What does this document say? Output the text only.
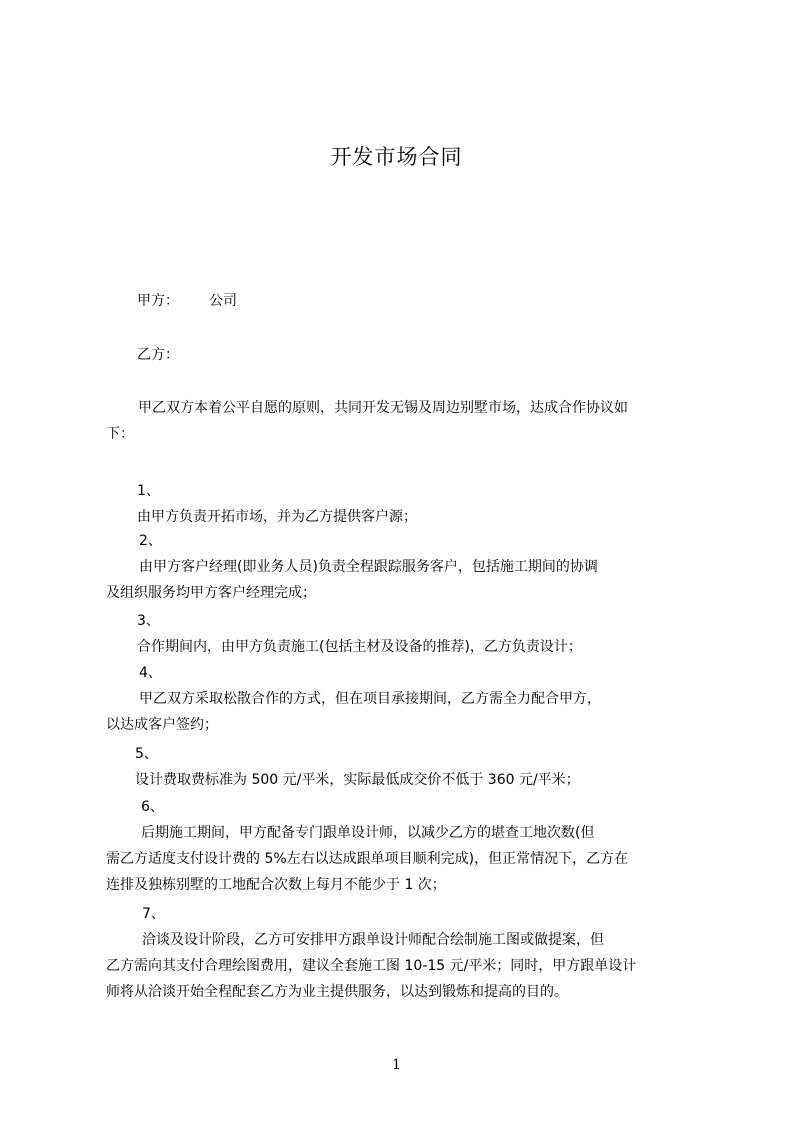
开发市场合同
甲方： 公司
乙方：
甲乙双方本着公平自愿的原则，共同开发无锡及周边别墅市场，达成合作协议如
下：
1、
由甲方负责开拓市场，并为乙方提供客户源；
2、
由甲方客户经理(即业务人员)负责全程跟踪服务客户，包括施工期间的协调
及组织服务均甲方客户经理完成；
3、
合作期间内，由甲方负责施工(包括主材及设备的推荐)，乙方负责设计；
4、
甲乙双方采取松散合作的方式，但在项目承接期间，乙方需全力配合甲方，
以达成客户签约；
5、
设计费取费标准为 500 元/平米，实际最低成交价不低于 360 元/平米；
6、
后期施工期间，甲方配备专门跟单设计师，以减少乙方的堪查工地次数(但
需乙方适度支付设计费的 5%左右以达成跟单项目顺利完成)，但正常情况下，乙方在
连排及独栋别墅的工地配合次数上每月不能少于 1 次；
7、
洽谈及设计阶段，乙方可安排甲方跟单设计师配合绘制施工图或做提案，但
乙方需向其支付合理绘图费用，建议全套施工图 10-15 元/平米；同时，甲方跟单设计
师将从洽谈开始全程配套乙方为业主提供服务，以达到锻炼和提高的目的。
1
